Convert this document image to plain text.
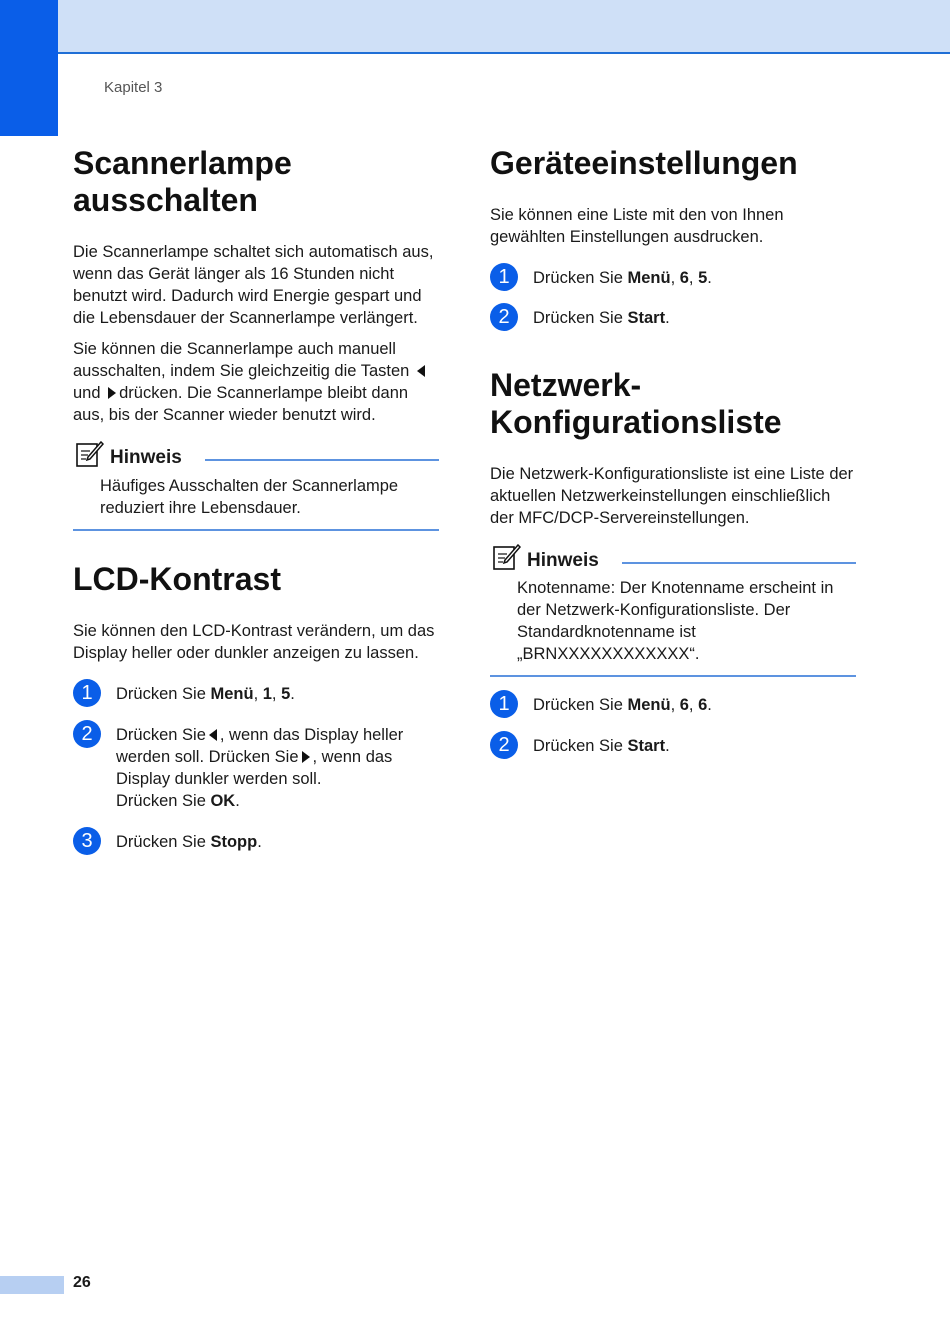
Kapitel 3
Scannerlampe
ausschalten

Die Scannerlampe schaltet sich automatisch aus, wenn das Gerät länger als 16 Stunden nicht benutzt wird. Dadurch wird Energie gespart und die Lebensdauer der Scannerlampe verlängert.

Sie können die Scannerlampe auch manuell ausschalten, indem Sie gleichzeitig die Tasten und drücken. Die Scannerlampe bleibt dann aus, bis der Scanner wieder benutzt wird.

Hinweis
Häufiges Ausschalten der Scannerlampe reduziert ihre Lebensdauer.
LCD-Kontrast

Sie können den LCD-Kontrast verändern, um das Display heller oder dunkler anzeigen zu lassen.

1	Drücken Sie Menü, 1, 5.
2	Drücken Sie , wenn das Display heller werden soll. Drücken Sie , wenn das Display dunkler werden soll.
Drücken Sie OK.
3	Drücken Sie Stopp.
Geräteeinstellungen

Sie können eine Liste mit den von Ihnen gewählten Einstellungen ausdrucken.

1	Drücken Sie Menü, 6, 5.
2	Drücken Sie Start.
Netzwerk-
Konfigurationsliste

Die Netzwerk-Konfigurationsliste ist eine Liste der aktuellen Netzwerkeinstellungen einschließlich der MFC/DCP-Servereinstellungen.

Hinweis
Knotenname: Der Knotenname erscheint in der Netzwerk-Konfigurationsliste. Der Standardknotenname ist „BRNXXXXXXXXXXXX“.
1	Drücken Sie Menü, 6, 6.
2	Drücken Sie Start.
26
